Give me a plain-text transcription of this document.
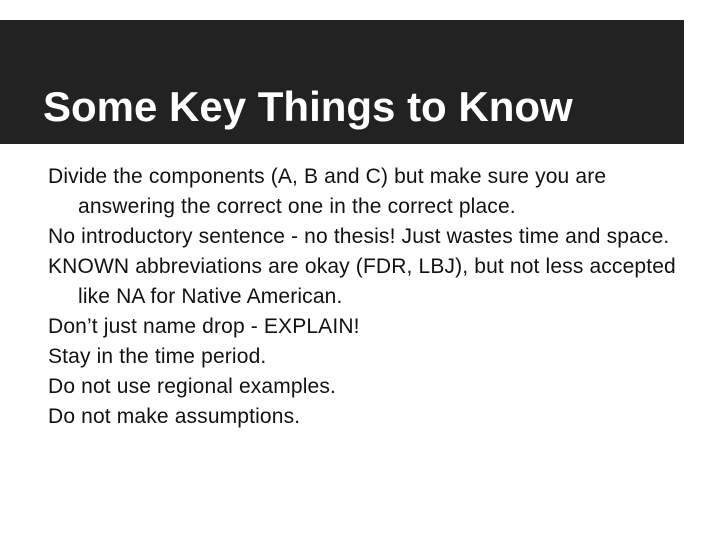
Some Key Things to Know
Divide the components (A, B and C) but make sure you are answering the correct one in the correct place.
No introductory sentence - no thesis! Just wastes time and space.
KNOWN abbreviations are okay (FDR, LBJ), but not less accepted like NA for Native American.
Don’t just name drop - EXPLAIN!
Stay in the time period.
Do not use regional examples.
Do not make assumptions.
